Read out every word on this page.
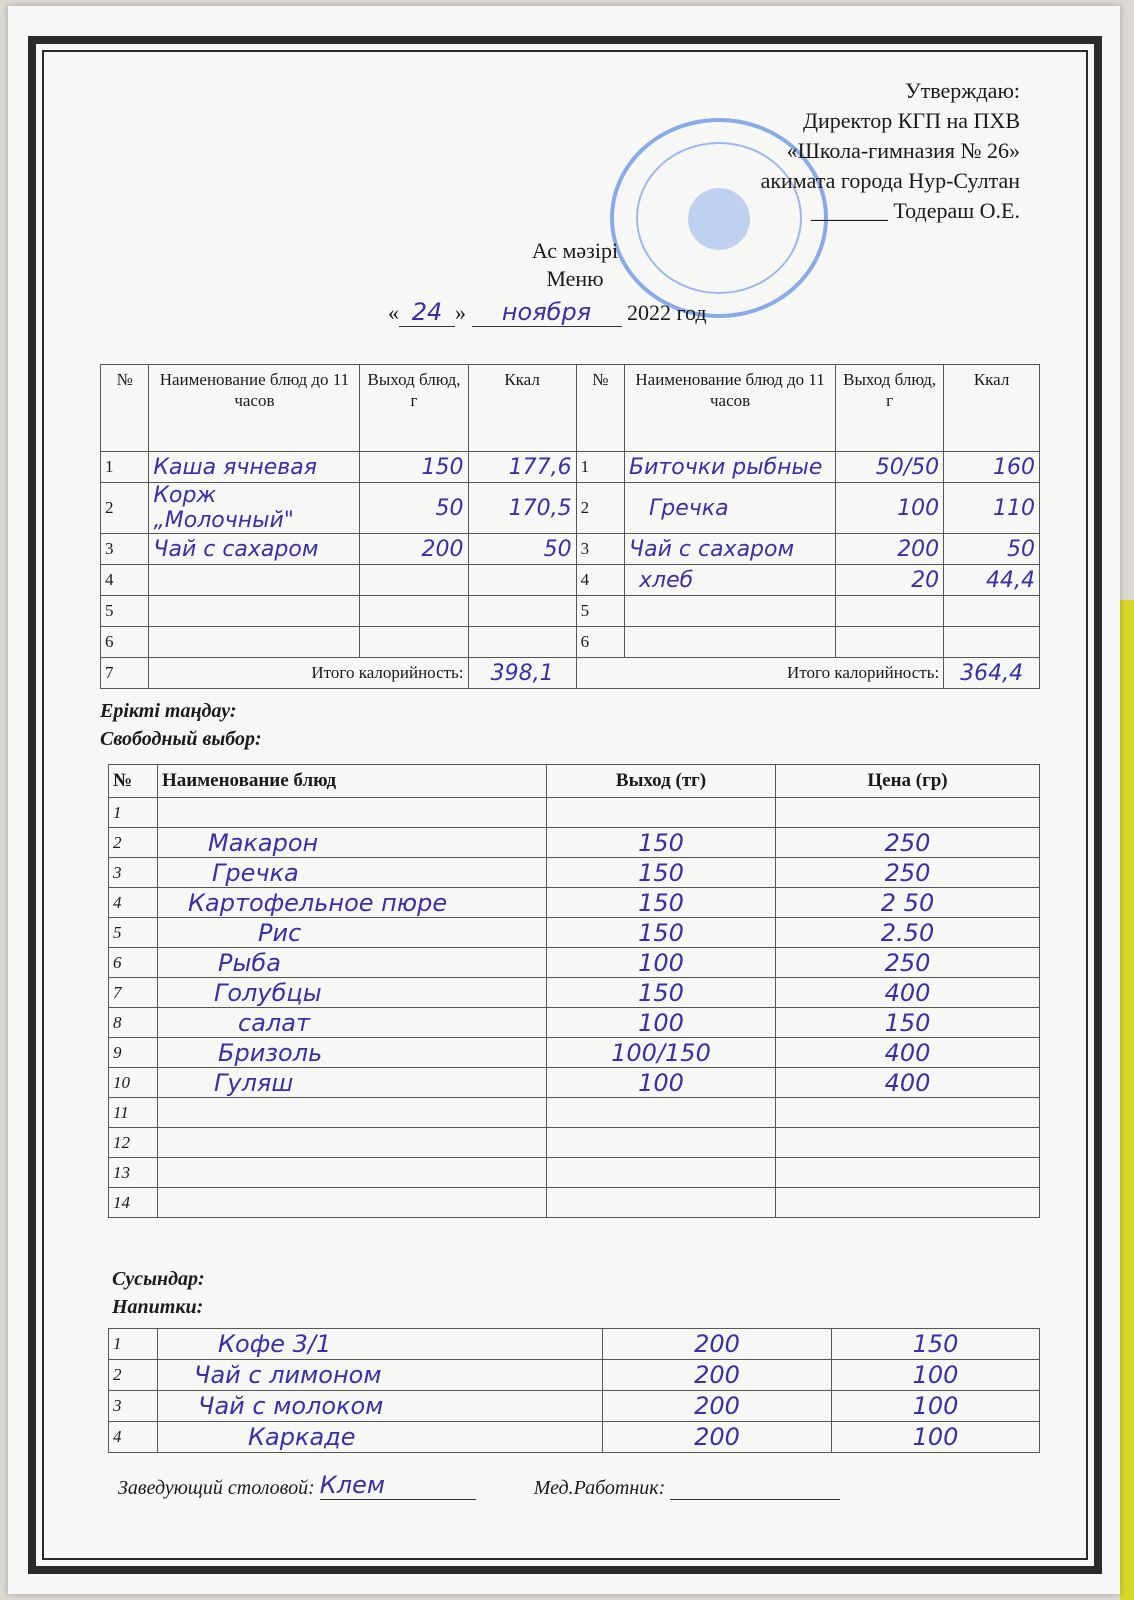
Утверждаю:
Директор КГП на ПХВ
«Школа-гимназия № 26»
акимата города Нур-Султан
_______ Тодераш О.Е.
Ас мәзірі
Меню
« 24 » ноября 2022 год
№	Наименование блюд до 11 часов	Выход блюд, г	Ккал	№	Наименование блюд до 11 часов	Выход блюд, г	Ккал
1	Каша ячневая	150	177,6	1	Биточки рыбные	50/50	160
2	Корж „Молочный"	50	170,5	2	Гречка	100	110
3	Чай с сахаром	200	50	3	Чай с сахаром	200	50
4				4	хлеб	20	44,4
5				5			
6				6			
7	Итого калорийность:		398,1	Итого калорийность:			364,4
Ерікті таңдау:
Свободный выбор:
№	Наименование блюд	Выход (тг)	Цена (гр)
1			
2	Макарон	150	250
3	Гречка	150	250
4	Картофельное пюре	150	2 50
5	Рис	150	2.50
6	Рыба	100	250
7	Голубцы	150	400
8	салат	100	150
9	Бризоль	100/150	400
10	Гуляш	100	400
11			
12			
13			
14			
Сусындар:
Напитки:
1	Кофе 3/1	200	150
2	Чай с лимоном	200	100
3	Чай с молоком	200	100
4	Каркаде	200	100
Заведующий столовой: Клем	Мед.Работник:
